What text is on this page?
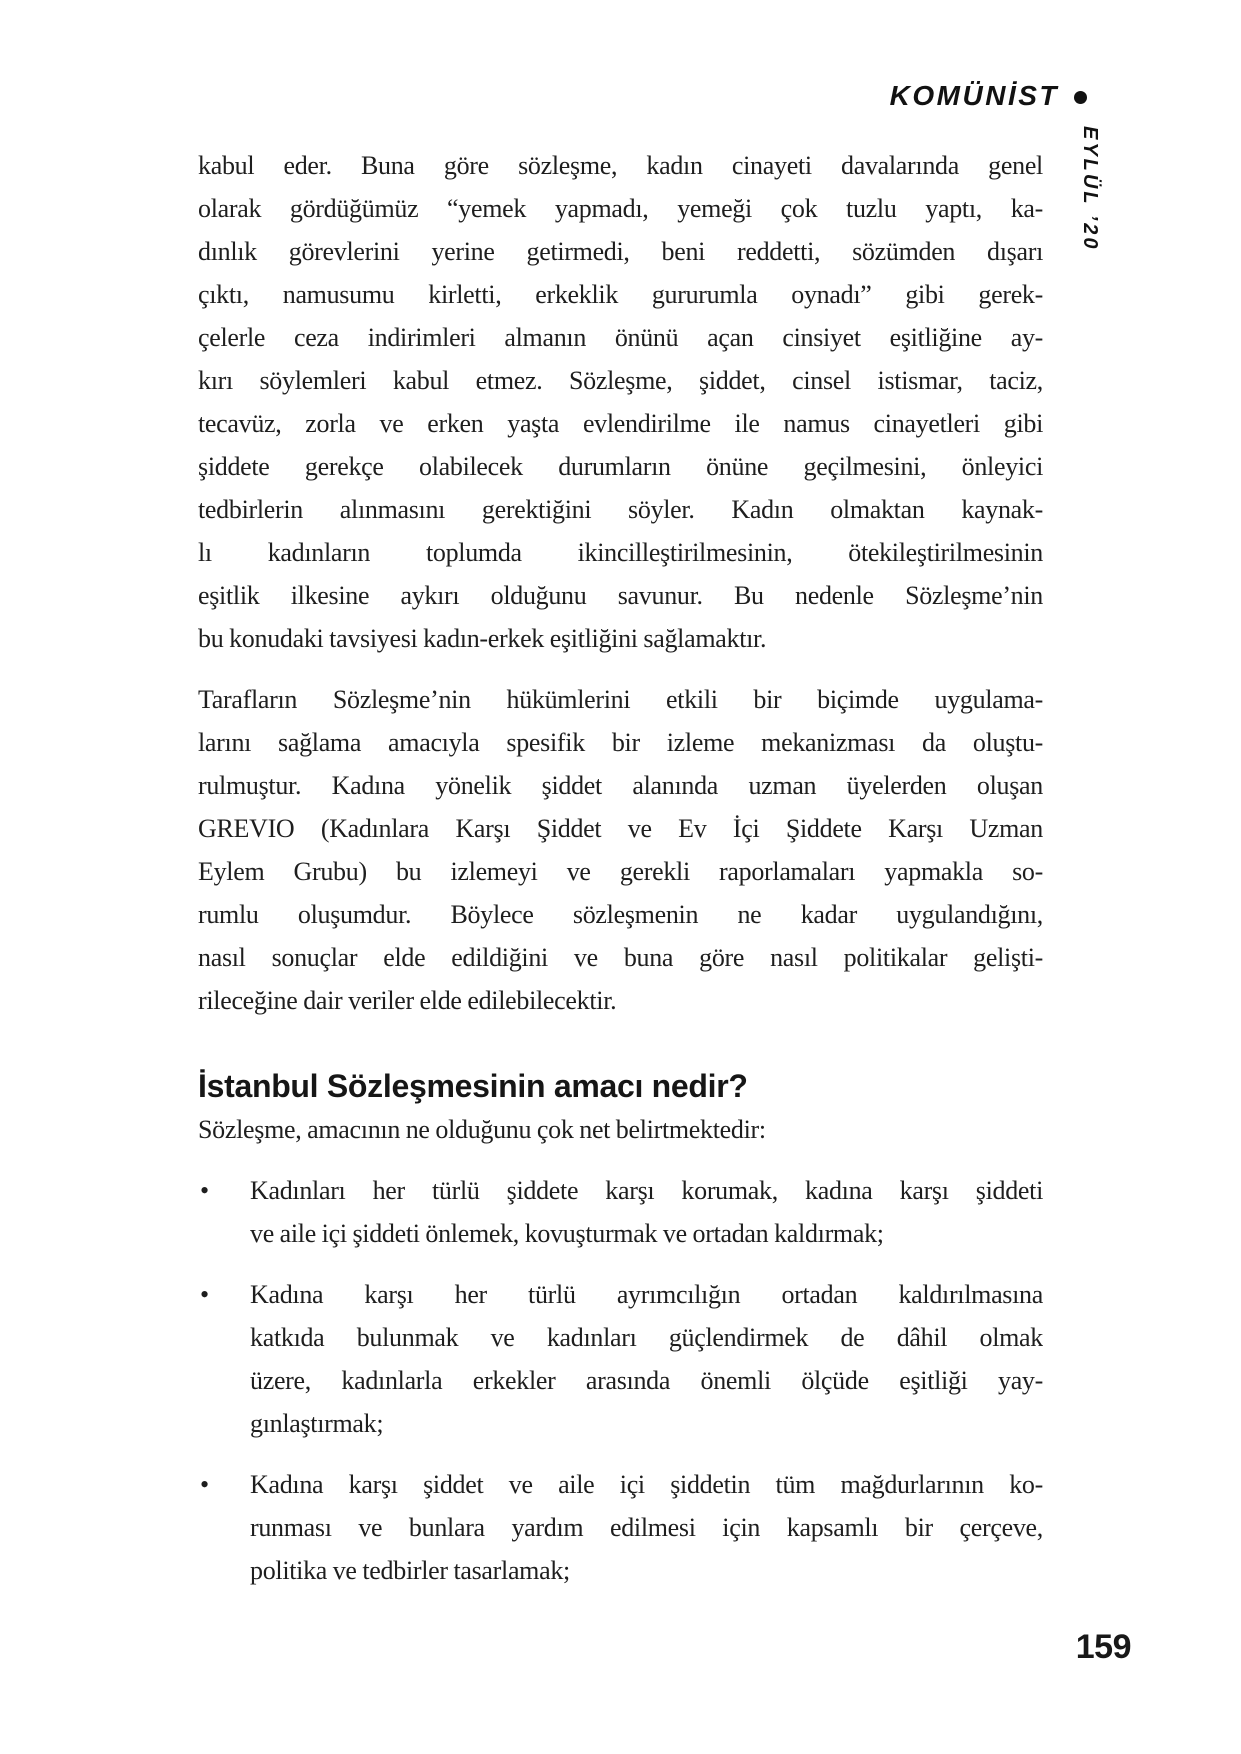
KOMÜNİST
EYLÜL ’20
kabul eder. Buna göre sözleşme, kadın cinayeti davalarında genel
olarak gördüğümüz “yemek yapmadı, yemeği çok tuzlu yaptı, ka-
dınlık görevlerini yerine getirmedi, beni reddetti, sözümden dışarı
çıktı, namusumu kirletti, erkeklik gururumla oynadı” gibi gerek-
çelerle ceza indirimleri almanın önünü açan cinsiyet eşitliğine ay-
kırı söylemleri kabul etmez. Sözleşme, şiddet, cinsel istismar, taciz,
tecavüz, zorla ve erken yaşta evlendirilme ile namus cinayetleri gibi
şiddete gerekçe olabilecek durumların önüne geçilmesini, önleyici
tedbirlerin alınmasını gerektiğini söyler. Kadın olmaktan kaynak-
lı kadınların toplumda ikincilleştirilmesinin, ötekileştirilmesinin
eşitlik ilkesine aykırı olduğunu savunur. Bu nedenle Sözleşme’nin
bu konudaki tavsiyesi kadın-erkek eşitliğini sağlamaktır.
Tarafların Sözleşme’nin hükümlerini etkili bir biçimde uygulama-
larını sağlama amacıyla spesifik bir izleme mekanizması da oluştu-
rulmuştur. Kadına yönelik şiddet alanında uzman üyelerden oluşan
GREVIO (Kadınlara Karşı Şiddet ve Ev İçi Şiddete Karşı Uzman
Eylem Grubu) bu izlemeyi ve gerekli raporlamaları yapmakla so-
rumlu oluşumdur. Böylece sözleşmenin ne kadar uygulandığını,
nasıl sonuçlar elde edildiğini ve buna göre nasıl politikalar gelişti-
rileceğine dair veriler elde edilebilecektir.
İstanbul Sözleşmesinin amacı nedir?
Sözleşme, amacının ne olduğunu çok net belirtmektedir:
• Kadınları her türlü şiddete karşı korumak, kadına karşı şiddeti
ve aile içi şiddeti önlemek, kovuşturmak ve ortadan kaldırmak;
• Kadına karşı her türlü ayrımcılığın ortadan kaldırılmasına
katkıda bulunmak ve kadınları güçlendirmek de dâhil olmak
üzere, kadınlarla erkekler arasında önemli ölçüde eşitliği yay-
gınlaştırmak;
• Kadına karşı şiddet ve aile içi şiddetin tüm mağdurlarının ko-
runması ve bunlara yardım edilmesi için kapsamlı bir çerçeve,
politika ve tedbirler tasarlamak;
159
